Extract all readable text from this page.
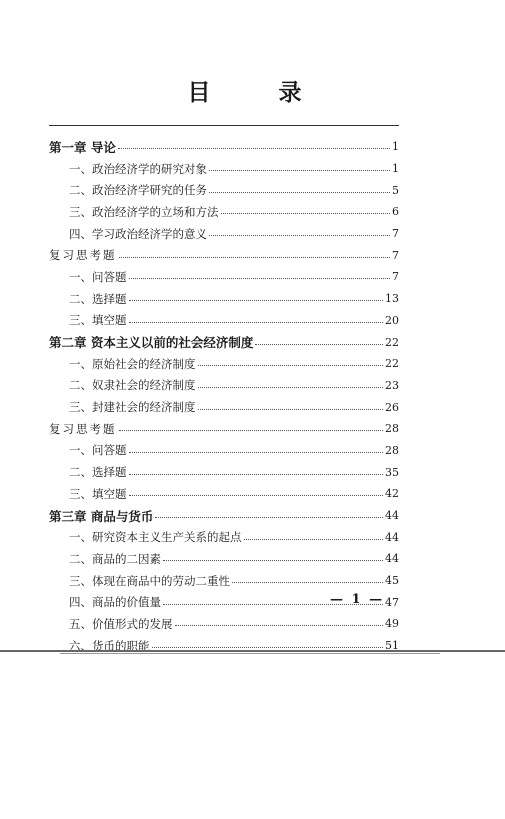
目 录
第一章 导论	1
一、政治经济学的研究对象	1
二、政治经济学研究的任务	5
三、政治经济学的立场和方法	6
四、学习政治经济学的意义	7
复习思考题	7
一、问答题	7
二、选择题	13
三、填空题	20
第二章 资本主义以前的社会经济制度	22
一、原始社会的经济制度	22
二、奴隶社会的经济制度	23
三、封建社会的经济制度	26
复习思考题	28
一、问答题	28
二、选择题	35
三、填空题	42
第三章 商品与货币	44
一、研究资本主义生产关系的起点	44
二、商品的二因素	44
三、体现在商品中的劳动二重性	45
四、商品的价值量	47
五、价值形式的发展	49
六、货币的职能	51
— 1 —
